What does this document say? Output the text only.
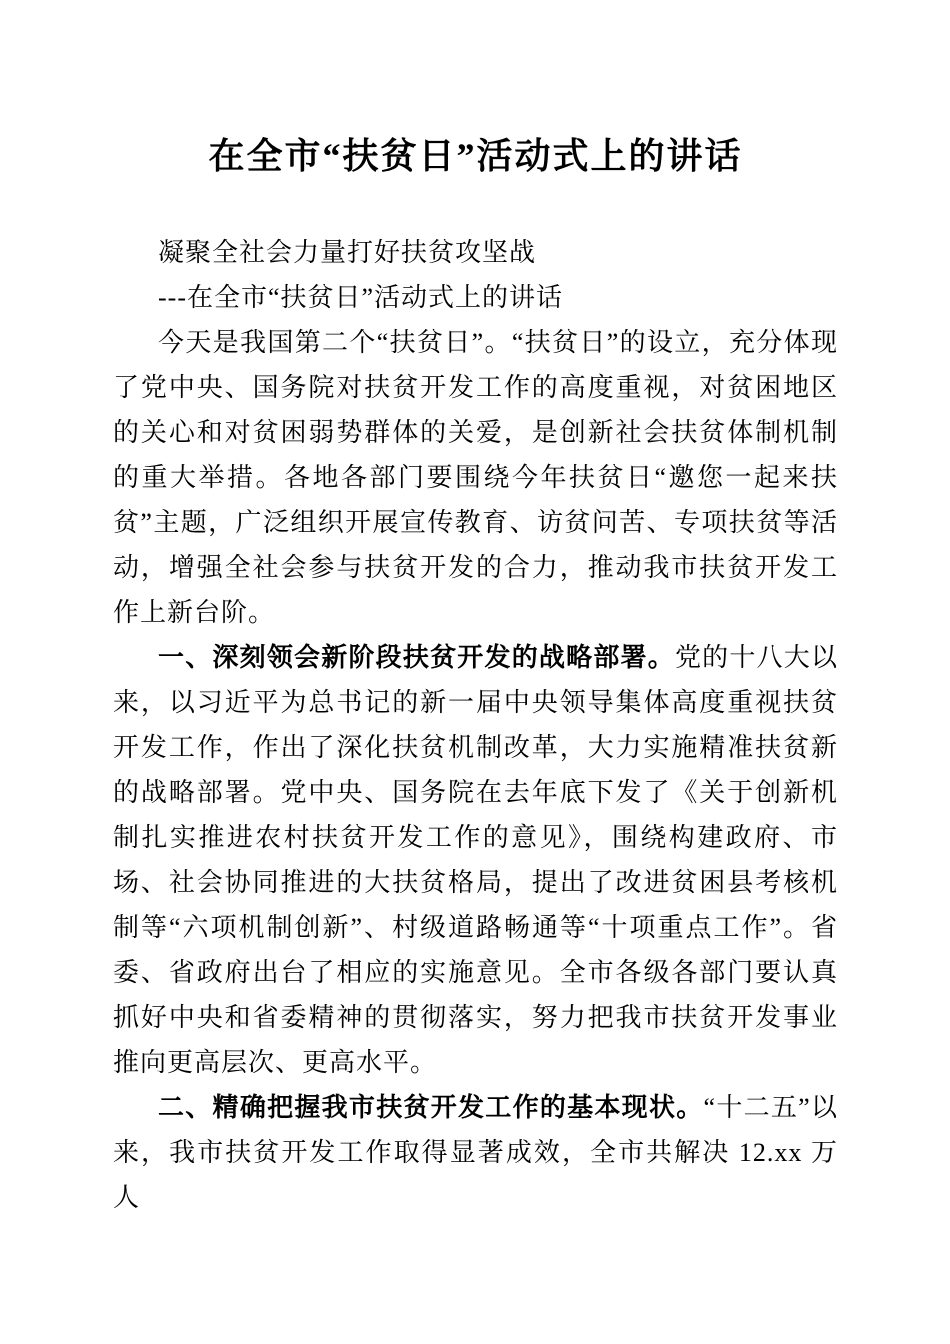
在全市“扶贫日”活动式上的讲话

凝聚全社会力量打好扶贫攻坚战

---在全市“扶贫日”活动式上的讲话

今天是我国第二个“扶贫日”。“扶贫日”的设立，充分体现了党中央、国务院对扶贫开发工作的高度重视，对贫困地区的关心和对贫困弱势群体的关爱，是创新社会扶贫体制机制的重大举措。各地各部门要围绕今年扶贫日“邀您一起来扶贫”主题，广泛组织开展宣传教育、访贫问苦、专项扶贫等活动，增强全社会参与扶贫开发的合力，推动我市扶贫开发工作上新台阶。

一、深刻领会新阶段扶贫开发的战略部署。党的十八大以来，以习近平为总书记的新一届中央领导集体高度重视扶贫开发工作，作出了深化扶贫机制改革，大力实施精准扶贫新的战略部署。党中央、国务院在去年底下发了《关于创新机制扎实推进农村扶贫开发工作的意见》，围绕构建政府、市场、社会协同推进的大扶贫格局，提出了改进贫困县考核机制等“六项机制创新”、村级道路畅通等“十项重点工作”。省委、省政府出台了相应的实施意见。全市各级各部门要认真抓好中央和省委精神的贯彻落实，努力把我市扶贫开发事业推向更高层次、更高水平。

二、精确把握我市扶贫开发工作的基本现状。“十二五”以来，我市扶贫开发工作取得显著成效，全市共解决 12.xx 万人
